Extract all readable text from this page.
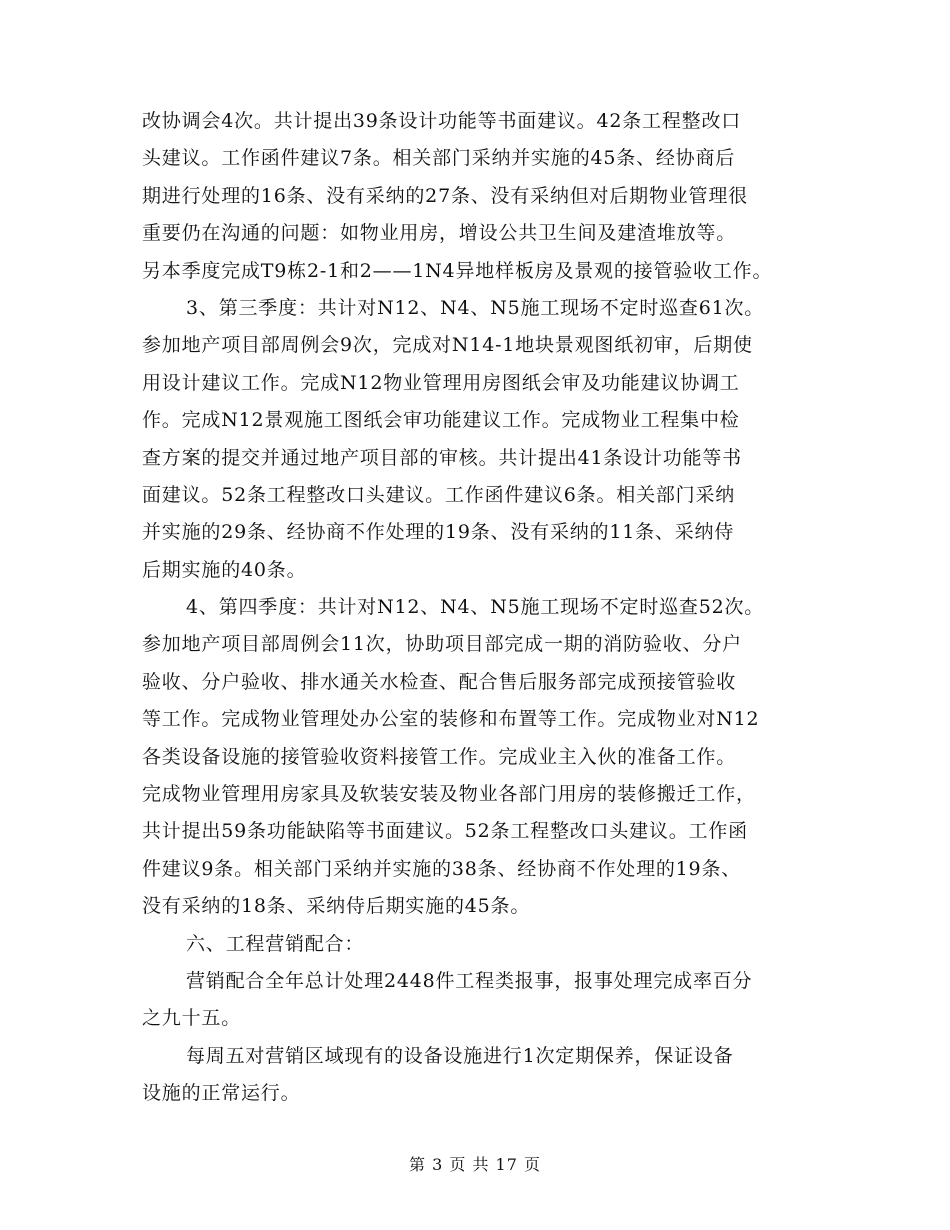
改协调会4次。共计提出39条设计功能等书面建议。42条工程整改口
头建议。工作函件建议7条。相关部门采纳并实施的45条、经协商后
期进行处理的16条、没有采纳的27条、没有采纳但对后期物业管理很
重要仍在沟通的问题：如物业用房，增设公共卫生间及建渣堆放等。
另本季度完成T9栋2-1和2——1N4异地样板房及景观的接管验收工作。
3、第三季度：共计对N12、N4、N5施工现场不定时巡查61次。
参加地产项目部周例会9次，完成对N14-1地块景观图纸初审，后期使
用设计建议工作。完成N12物业管理用房图纸会审及功能建议协调工
作。完成N12景观施工图纸会审功能建议工作。完成物业工程集中检
查方案的提交并通过地产项目部的审核。共计提出41条设计功能等书
面建议。52条工程整改口头建议。工作函件建议6条。相关部门采纳
并实施的29条、经协商不作处理的19条、没有采纳的11条、采纳侍
后期实施的40条。
4、第四季度：共计对N12、N4、N5施工现场不定时巡查52次。
参加地产项目部周例会11次，协助项目部完成一期的消防验收、分户
验收、分户验收、排水通关水检查、配合售后服务部完成预接管验收
等工作。完成物业管理处办公室的装修和布置等工作。完成物业对N12
各类设备设施的接管验收资料接管工作。完成业主入伙的准备工作。
完成物业管理用房家具及软装安装及物业各部门用房的装修搬迁工作，
共计提出59条功能缺陷等书面建议。52条工程整改口头建议。工作函
件建议9条。相关部门采纳并实施的38条、经协商不作处理的19条、
没有采纳的18条、采纳侍后期实施的45条。
六、工程营销配合：
营销配合全年总计处理2448件工程类报事，报事处理完成率百分
之九十五。
每周五对营销区域现有的设备设施进行1次定期保养，保证设备
设施的正常运行。
第 3 页 共 17 页
